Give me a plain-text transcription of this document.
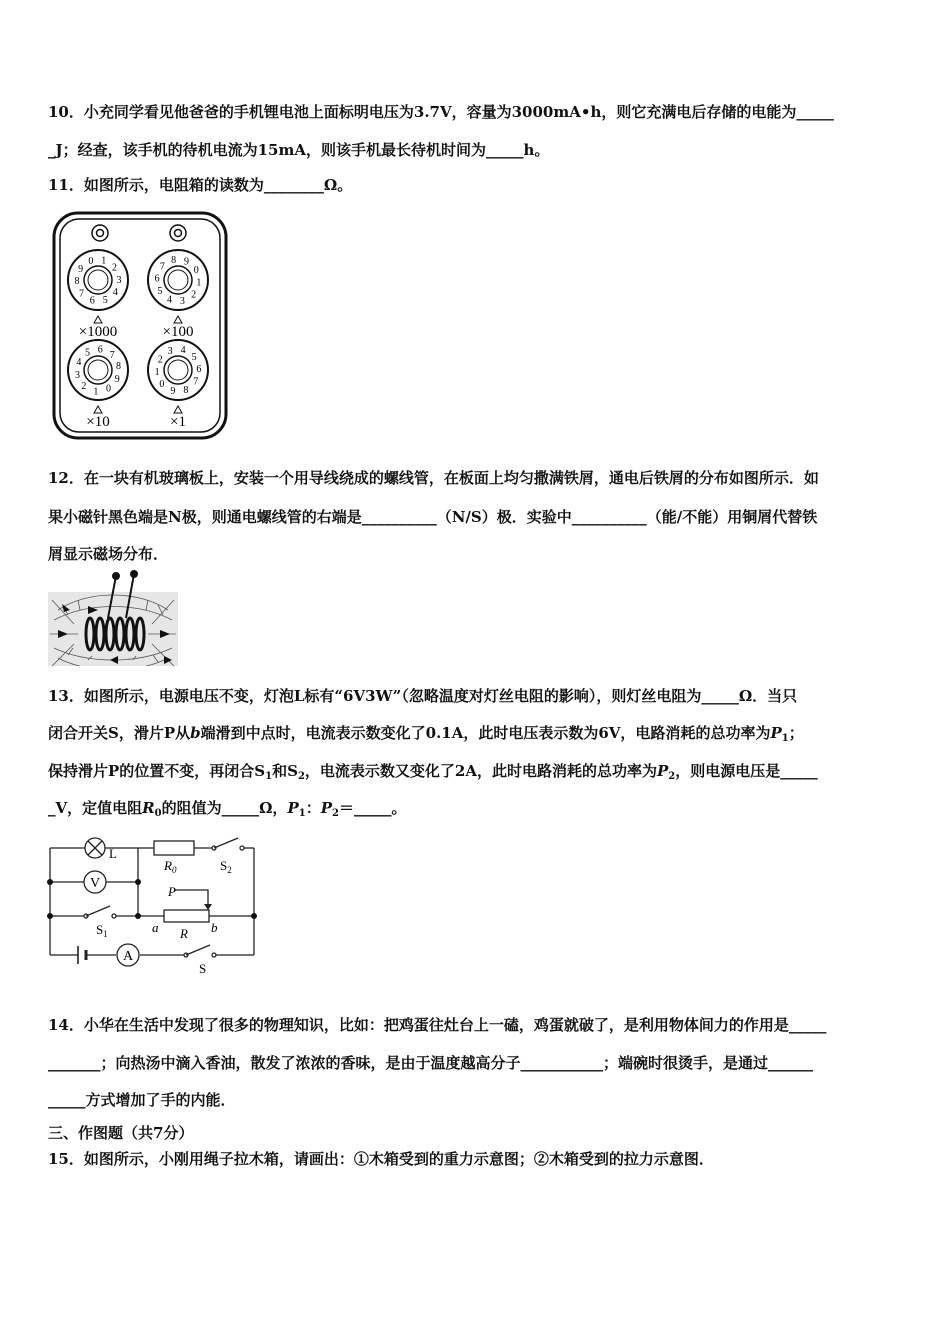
10．小充同学看见他爸爸的手机锂电池上面标明电压为3.7V，容量为3000mA•h，则它充满电后存储的电能为_____
_J；经查，该手机的待机电流为15mA，则该手机最长待机时间为_____h。
11．如图所示，电阻箱的读数为________Ω。
0 1
2
3
4
5
6
7
8
9	0
1
2
3
4
5
6
7
8 9
0
1
2
3
4
5 6 7
8
9	0
1
2
3 4
5
6
7
8
9
×1000	×100
×10	×1
12．在一块有机玻璃板上，安装一个用导线绕成的螺线管，在板面上均匀撒满铁屑，通电后铁屑的分布如图所示．如
果小磁针黑色端是N极，则通电螺线管的右端是__________（N/S）极．实验中__________（能/不能）用铜屑代替铁
屑显示磁场分布．
13．如图所示，电源电压不变，灯泡L标有“6V3W”（忽略温度对灯丝电阻的影响），则灯丝电阻为_____Ω．当只
闭合开关S，滑片P从b端滑到中点时，电流表示数变化了0.1A，此时电压表示数为6V，电路消耗的总功率为$P_1$；
保持滑片P的位置不变，再闭合$S_1$和$S_2$，电流表示数又变化了2A，此时电路消耗的总功率为$P_2$，则电源电压是_____
_V，定值电阻$R_0$的阻值为_____Ω，$P_1$：$P_2=\_\_\_\_\_$。
V
A
L
$R_0$	$S_2$
$S_1$
P
a R b
S
14．小华在生活中发现了很多的物理知识，比如：把鸡蛋往灶台上一磕，鸡蛋就破了，是利用物体间力的作用是_____
_______；向热汤中滴入香油，散发了浓浓的香味，是由于温度越高分子___________；端碗时很烫手，是通过______
_____方式增加了手的内能．
三、作图题（共7分）
15．如图所示，小刚用绳子拉木箱，请画出：①木箱受到的重力示意图；②木箱受到的拉力示意图．
